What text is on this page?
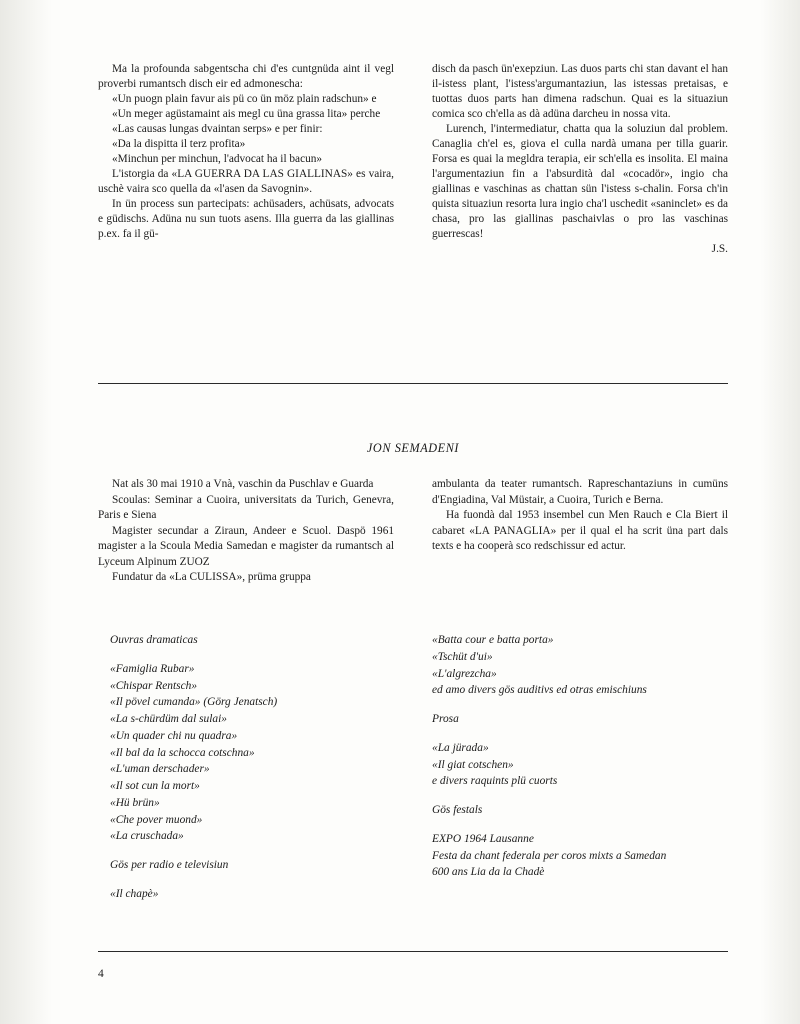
Ma la profounda sabgentscha chi d'es cuntgnüda aint il vegl proverbi rumantsch disch eir ed admonescha:

«Un puogn plain favur ais pü co ün möz plain radschun» e

«Un meger agüstamaint ais megl cu üna grassa lita» perche

«Las causas lungas dvaintan serps» e per finir:

«Da la dispitta il terz profita»

«Minchun per minchun, l'advocat ha il bacun»

L'istorgia da «LA GUERRA DA LAS GIALLINAS» es vaira, uschè vaira sco quella da «l'asen da Savognin».

In ün process sun partecipats: achüsaders, achüsats, advocats e güdischs. Adüna nu sun tuots asens. Illa guerra da las giallinas p.ex. fa il gü-

disch da pasch ün'exepziun. Las duos parts chi stan davant el han il-istess plant, l'istess'argumantaziun, las istessas pretaisas, e tuottas duos parts han dimena radschun. Quai es la situaziun comica sco ch'ella as dà adüna darcheu in nossa vita.

Lurench, l'intermediatur, chatta qua la soluziun dal problem. Canaglia ch'el es, giova el culla nardà umana per tilla guarir. Forsa es quai la megldra terapia, eir sch'ella es insolita. El maina l'argumentaziun fin a l'absurdità dal «cocadör», ingio cha giallinas e vaschinas as chattan sün l'istess s-chalin. Forsa ch'in quista situaziun resorta lura ingio cha'l uschedit «saninclet» es da chasa, pro las giallinas paschaivlas o pro las vaschinas guerrescas!

J.S.

JON SEMADENI

Nat als 30 mai 1910 a Vnà, vaschin da Puschlav e Guarda

Scoulas: Seminar a Cuoira, universitats da Turich, Genevra, Paris e Siena

Magister secundar a Ziraun, Andeer e Scuol. Daspö 1961 magister a la Scoula Media Samedan e magister da rumantsch al Lyceum Alpinum ZUOZ

Fundatur da «La CULISSA», prüma gruppa

ambulanta da teater rumantsch. Rapreschantaziuns in cumüns d'Engiadina, Val Müstair, a Cuoira, Turich e Berna.

Ha fuondà dal 1953 insembel cun Men Rauch e Cla Biert il cabaret «LA PANAGLIA» per il qual el ha scrit üna part dals texts e ha cooperà sco redschissur ed actur.

Ouvras dramaticas
«Famiglia Rubar»
«Chispar Rentsch»
«Il pövel cumanda» (Görg Jenatsch)
«La s-chürdüm dal sulai»
«Un quader chi nu quadra»
«Il bal da la schocca cotschna»
«L'uman derschader»
«Il sot cun la mort»
«Hü brün»
«Che pover muond»
«La cruschada»
Gös per radio e televisiun
«Il chapè»
«Batta cour e batta porta»
«Tschüt d'ui»
«L'algrezcha»
ed amo divers gös auditivs ed otras emischiuns
Prosa
«La jürada»
«Il giat cotschen»
e divers raquints plü cuorts
Gös festals
EXPO 1964 Lausanne
Festa da chant federala per coros mixts a Samedan
600 ans Lia da la Chadè
4
